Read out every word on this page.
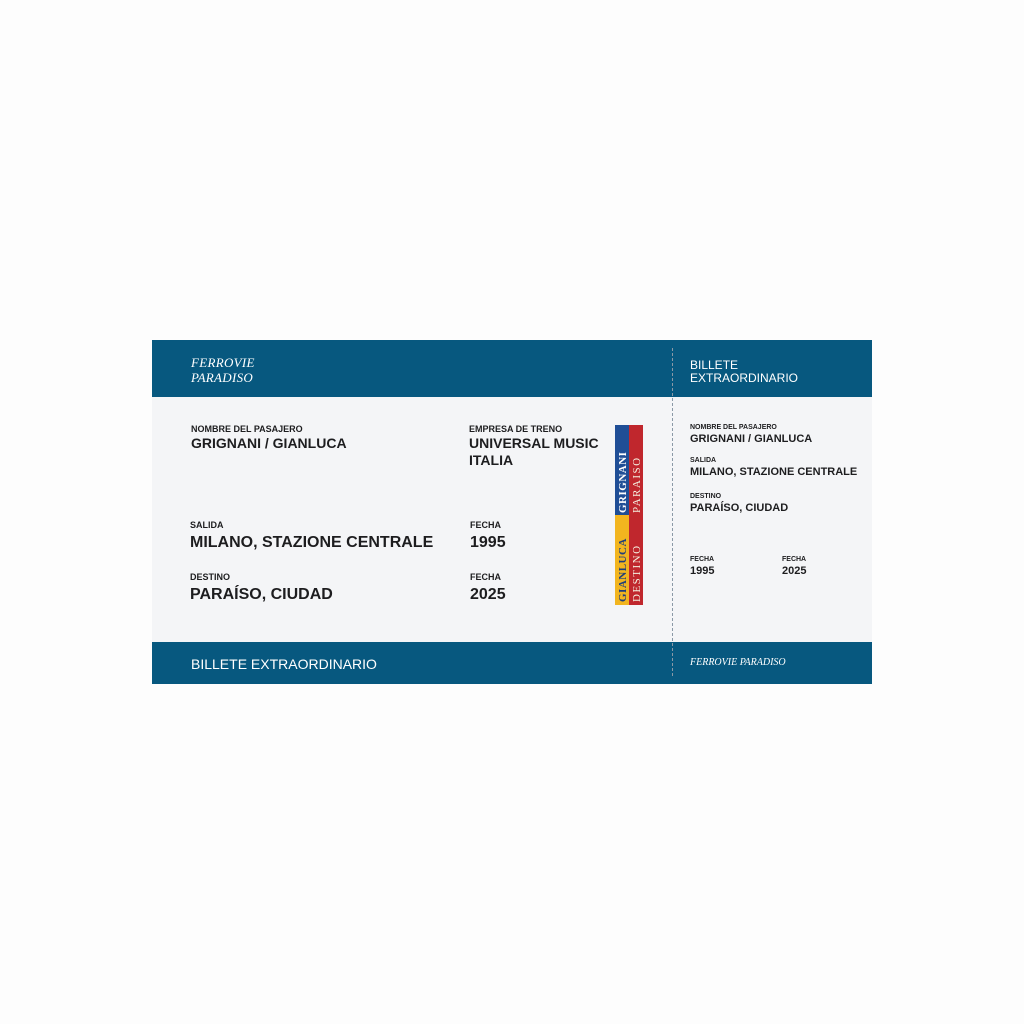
FERROVIE
PARADISO
BILLETE
EXTRAORDINARIO
NOMBRE DEL PASAJERO
GRIGNANI / GIANLUCA
EMPRESA DE TRENO
UNIVERSAL MUSIC
ITALIA
SALIDA
MILANO, STAZIONE CENTRALE
FECHA
1995
DESTINO
PARAÍSO, CIUDAD
FECHA
2025
GRIGNANI
GIANLUCA
PARAISO
DESTINO
NOMBRE DEL PASAJERO
GRIGNANI / GIANLUCA
SALIDA
MILANO, STAZIONE CENTRALE
DESTINO
PARAÍSO, CIUDAD
FECHA
1995
FECHA
2025
BILLETE EXTRAORDINARIO	FERROVIE PARADISO
